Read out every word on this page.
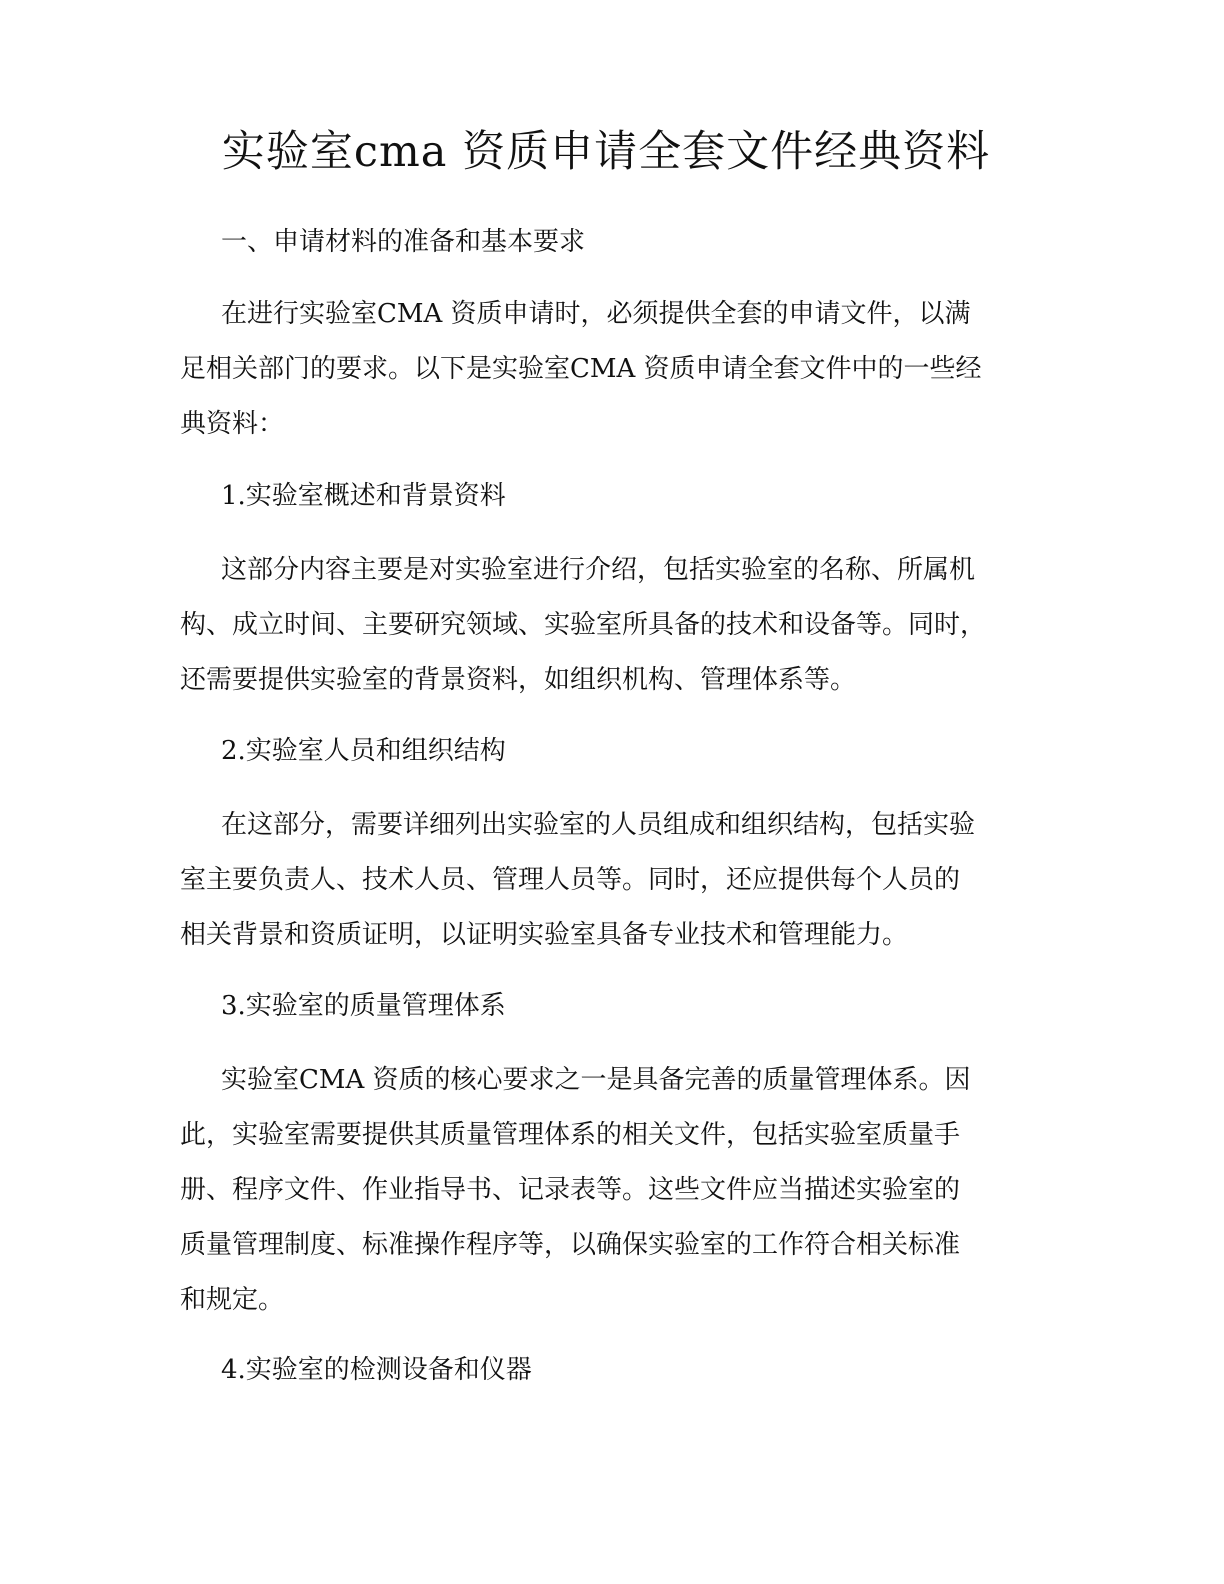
实验室cma 资质申请全套文件经典资料
一、申请材料的准备和基本要求
在进行实验室CMA 资质申请时，必须提供全套的申请文件，以满
足相关部门的要求。以下是实验室CMA 资质申请全套文件中的一些经
典资料：
1.实验室概述和背景资料
这部分内容主要是对实验室进行介绍，包括实验室的名称、所属机
构、成立时间、主要研究领域、实验室所具备的技术和设备等。同时，
还需要提供实验室的背景资料，如组织机构、管理体系等。
2.实验室人员和组织结构
在这部分，需要详细列出实验室的人员组成和组织结构，包括实验
室主要负责人、技术人员、管理人员等。同时，还应提供每个人员的
相关背景和资质证明，以证明实验室具备专业技术和管理能力。
3.实验室的质量管理体系
实验室CMA 资质的核心要求之一是具备完善的质量管理体系。因
此，实验室需要提供其质量管理体系的相关文件，包括实验室质量手
册、程序文件、作业指导书、记录表等。这些文件应当描述实验室的
质量管理制度、标准操作程序等，以确保实验室的工作符合相关标准
和规定。
4.实验室的检测设备和仪器
